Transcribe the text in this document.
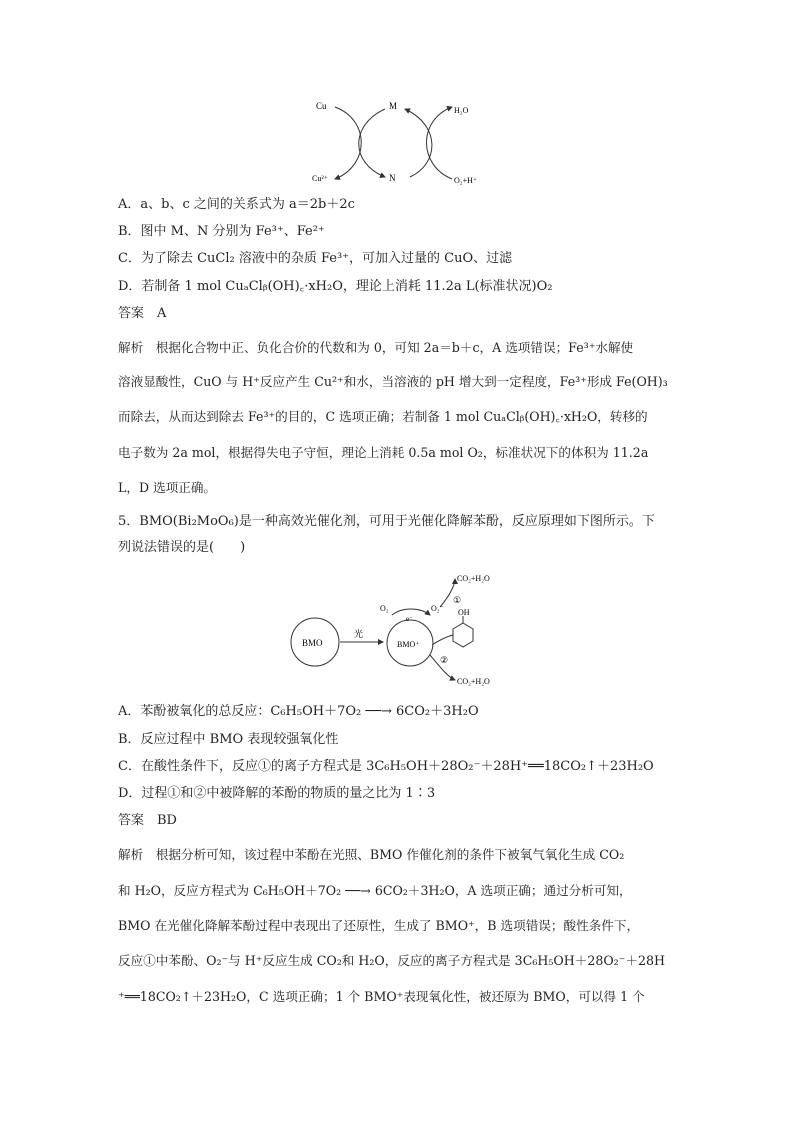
Cu
Cu²⁺
M
N
H₂O
O₂+H⁺
A．a、b、c 之间的关系式为 a＝2b＋2c
B．图中 M、N 分别为 Fe³⁺、Fe²⁺
C．为了除去 CuCl₂ 溶液中的杂质 Fe³⁺，可加入过量的 CuO、过滤
D．若制备 1 mol CuₐClᵦ(OH)꜀·xH₂O，理论上消耗 11.2a L(标准状况)O₂
答案　A
解析　根据化合物中正、负化合价的代数和为 0，可知 2a＝b＋c，A 选项错误；Fe³⁺水解使
溶液显酸性，CuO 与 H⁺反应产生 Cu²⁺和水，当溶液的 pH 增大到一定程度，Fe³⁺形成 Fe(OH)₃
而除去，从而达到除去 Fe³⁺的目的，C 选项正确；若制备 1 mol CuₐClᵦ(OH)꜀·xH₂O，转移的
电子数为 2a mol，根据得失电子守恒，理论上消耗 0.5a mol O₂，标准状况下的体积为 11.2a
L，D 选项正确。
5．BMO(Bi₂MoO₆)是一种高效光催化剂，可用于光催化降解苯酚，反应原理如下图所示。下
列说法错误的是(　　)
BMO
光
BMO⁺
O₂
e⁻
O₂⁻
CO₂+H₂O
①
OH
②
CO₂+H₂O
A．苯酚被氧化的总反应：C₆H₅OH＋7O₂ ──→ 6CO₂＋3H₂O
B．反应过程中 BMO 表现较强氧化性
C．在酸性条件下，反应①的离子方程式是 3C₆H₅OH＋28O₂⁻＋28H⁺══18CO₂↑＋23H₂O
D．过程①和②中被降解的苯酚的物质的量之比为 1∶3
答案　BD
解析　根据分析可知，该过程中苯酚在光照、BMO 作催化剂的条件下被氧气氧化生成 CO₂
和 H₂O，反应方程式为 C₆H₅OH＋7O₂ ──→ 6CO₂＋3H₂O，A 选项正确；通过分析可知，
BMO 在光催化降解苯酚过程中表现出了还原性，生成了 BMO⁺，B 选项错误；酸性条件下，
反应①中苯酚、O₂⁻与 H⁺反应生成 CO₂和 H₂O，反应的离子方程式是 3C₆H₅OH＋28O₂⁻＋28H
⁺══18CO₂↑＋23H₂O，C 选项正确；1 个 BMO⁺表现氧化性，被还原为 BMO，可以得 1 个
